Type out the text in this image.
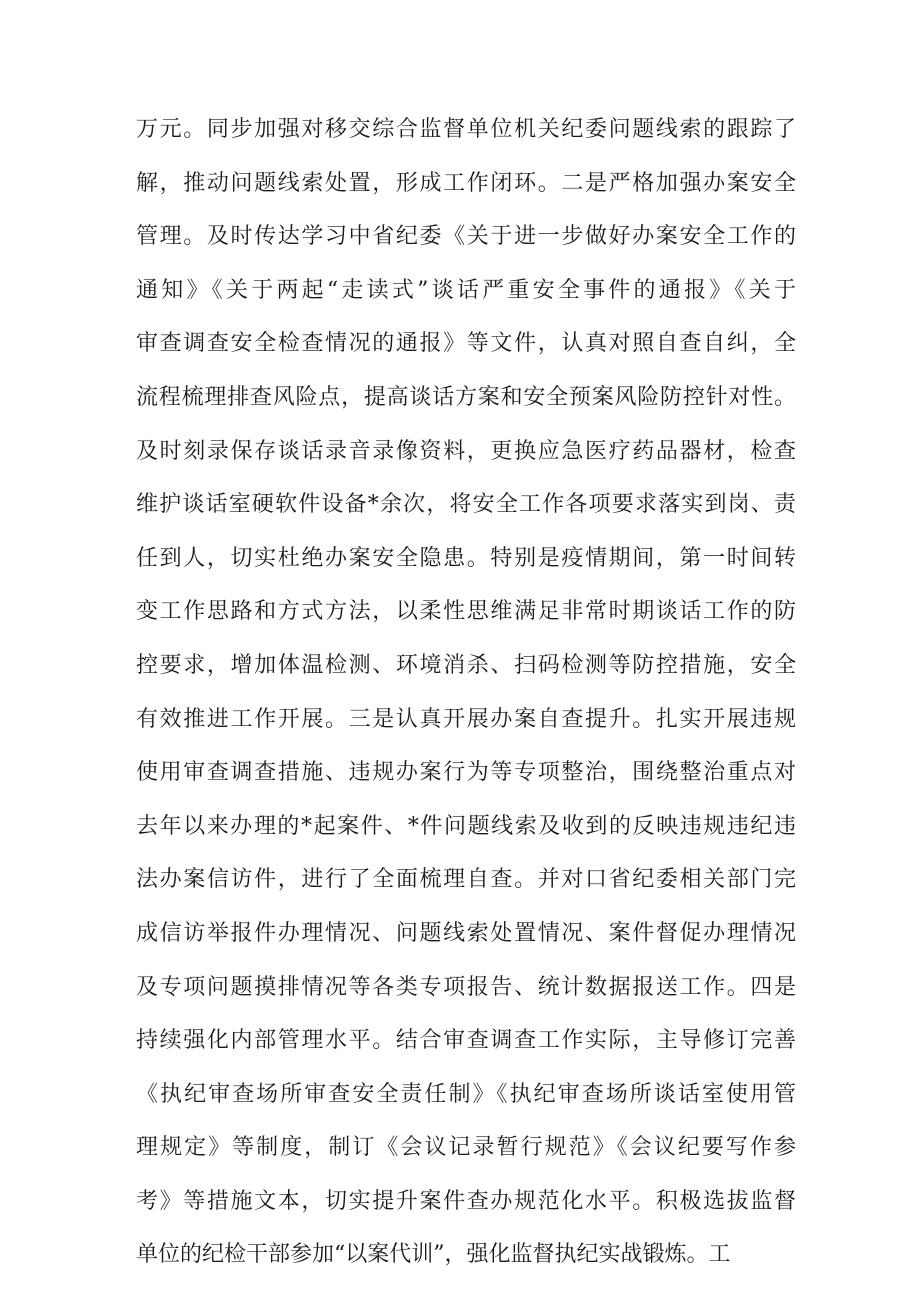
万元。同步加强对移交综合监督单位机关纪委问题线索的跟踪了
解，推动问题线索处置，形成工作闭环。二是严格加强办案安全
管理。及时传达学习中省纪委《关于进一步做好办案安全工作的
通知》《关于两起“走读式”谈话严重安全事件的通报》《关于
审查调查安全检查情况的通报》等文件，认真对照自查自纠，全
流程梳理排查风险点，提高谈话方案和安全预案风险防控针对性。
及时刻录保存谈话录音录像资料，更换应急医疗药品器材，检查
维护谈话室硬软件设备*余次，将安全工作各项要求落实到岗、责
任到人，切实杜绝办案安全隐患。特别是疫情期间，第一时间转
变工作思路和方式方法，以柔性思维满足非常时期谈话工作的防
控要求，增加体温检测、环境消杀、扫码检测等防控措施，安全
有效推进工作开展。三是认真开展办案自查提升。扎实开展违规
使用审查调查措施、违规办案行为等专项整治，围绕整治重点对
去年以来办理的*起案件、*件问题线索及收到的反映违规违纪违
法办案信访件，进行了全面梳理自查。并对口省纪委相关部门完
成信访举报件办理情况、问题线索处置情况、案件督促办理情况
及专项问题摸排情况等各类专项报告、统计数据报送工作。四是
持续强化内部管理水平。结合审查调查工作实际，主导修订完善
《执纪审查场所审查安全责任制》《执纪审查场所谈话室使用管
理规定》等制度，制订《会议记录暂行规范》《会议纪要写作参
考》等措施文本，切实提升案件查办规范化水平。积极选拔监督
单位的纪检干部参加“以案代训”，强化监督执纪实战锻炼。工
